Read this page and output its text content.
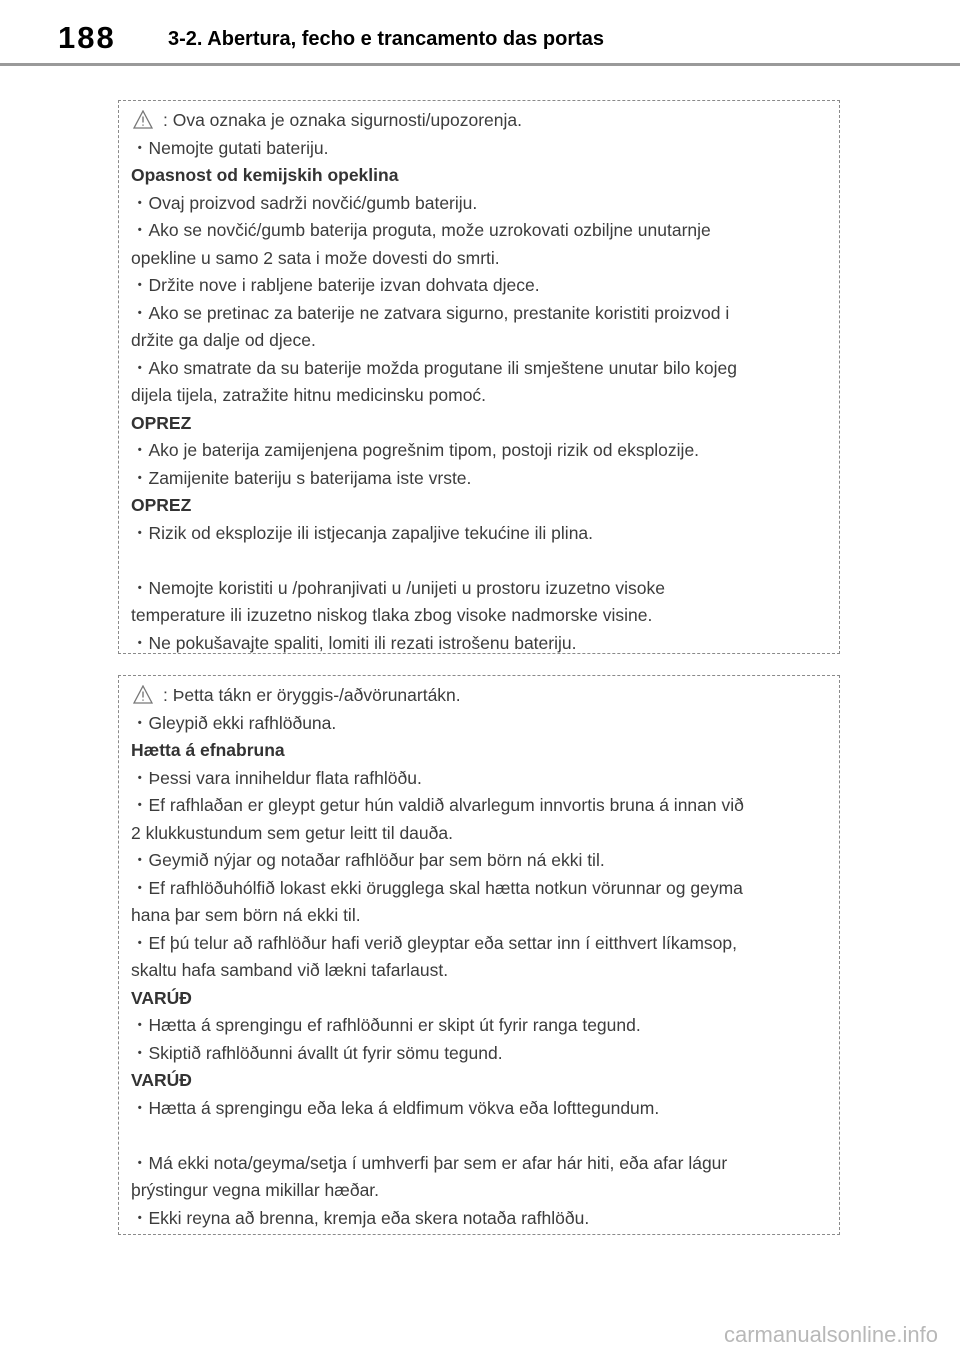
188	3-2. Abertura, fecho e trancamento das portas
: Ova oznaka je oznaka sigurnosti/upozorenja.
・Nemojte gutati bateriju.
Opasnost od kemijskih opeklina
・Ovaj proizvod sadrži novčić/gumb bateriju.
・Ako se novčić/gumb baterija proguta, može uzrokovati ozbiljne unutarnje
opekline u samo 2 sata i može dovesti do smrti.
・Držite nove i rabljene baterije izvan dohvata djece.
・Ako se pretinac za baterije ne zatvara sigurno, prestanite koristiti proizvod i
držite ga dalje od djece.
・Ako smatrate da su baterije možda progutane ili smještene unutar bilo kojeg
dijela tijela, zatražite hitnu medicinsku pomoć.
OPREZ
・Ako je baterija zamijenjena pogrešnim tipom, postoji rizik od eksplozije.
・Zamijenite bateriju s baterijama iste vrste.
OPREZ
・Rizik od eksplozije ili istjecanja zapaljive tekućine ili plina.
・Nemojte koristiti u /pohranjivati u /unijeti u prostoru izuzetno visoke
temperature ili izuzetno niskog tlaka zbog visoke nadmorske visine.
・Ne pokušavajte spaliti, lomiti ili rezati istrošenu bateriju.
: Þetta tákn er öryggis-/aðvörunartákn.
・Gleypið ekki rafhlöðuna.
Hætta á efnabruna
・Þessi vara inniheldur flata rafhlöðu.
・Ef rafhlaðan er gleypt getur hún valdið alvarlegum innvortis bruna á innan við
2 klukkustundum sem getur leitt til dauða.
・Geymið nýjar og notaðar rafhlöður þar sem börn ná ekki til.
・Ef rafhlöðuhólfið lokast ekki örugglega skal hætta notkun vörunnar og geyma
hana þar sem börn ná ekki til.
・Ef þú telur að rafhlöður hafi verið gleyptar eða settar inn í eitthvert líkamsop,
skaltu hafa samband við lækni tafarlaust.
VARÚÐ
・Hætta á sprengingu ef rafhlöðunni er skipt út fyrir ranga tegund.
・Skiptið rafhlöðunni ávallt út fyrir sömu tegund.
VARÚÐ
・Hætta á sprengingu eða leka á eldfimum vökva eða lofttegundum.
・Má ekki nota/geyma/setja í umhverfi þar sem er afar hár hiti, eða afar lágur
þrýstingur vegna mikillar hæðar.
・Ekki reyna að brenna, kremja eða skera notaða rafhlöðu.
carmanualsonline.info
